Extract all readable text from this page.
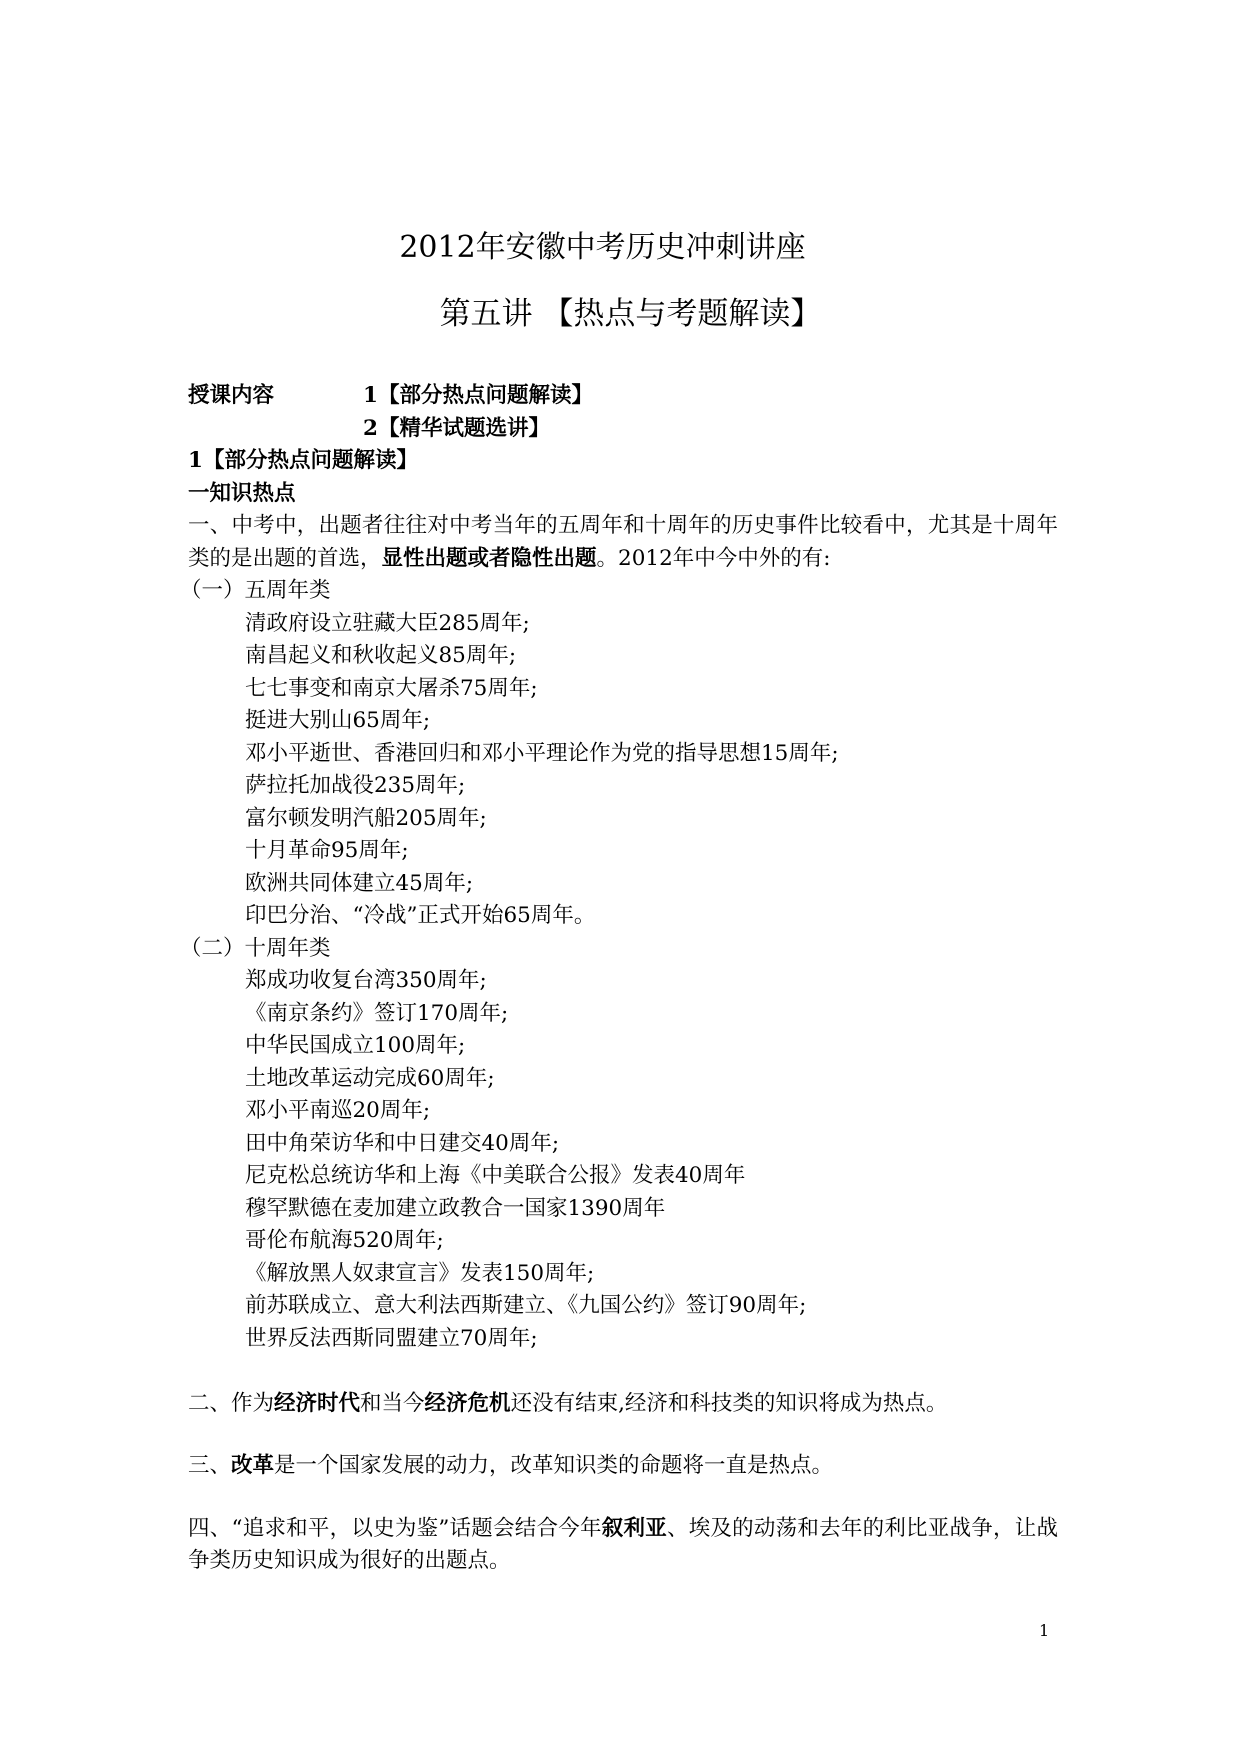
2012年安徽中考历史冲刺讲座
第五讲 【热点与考题解读】
授课内容	1【部分热点问题解读】
2【精华试题选讲】
1【部分热点问题解读】
一知识热点
一、中考中，出题者往往对中考当年的五周年和十周年的历史事件比较看中，尤其是十周年类的是出题的首选，显性出题或者隐性出题。2012年中今中外的有:
（一）五周年类
清政府设立驻藏大臣285周年;
南昌起义和秋收起义85周年;
七七事变和南京大屠杀75周年;
挺进大别山65周年;
邓小平逝世、香港回归和邓小平理论作为党的指导思想15周年;
萨拉托加战役235周年;
富尔顿发明汽船205周年;
十月革命95周年;
欧洲共同体建立45周年;
印巴分治、“冷战”正式开始65周年。
（二）十周年类
郑成功收复台湾350周年;
《南京条约》签订170周年;
中华民国成立100周年;
土地改革运动完成60周年;
邓小平南巡20周年;
田中角荣访华和中日建交40周年;
尼克松总统访华和上海《中美联合公报》发表40周年
穆罕默德在麦加建立政教合一国家1390周年
哥伦布航海520周年;
《解放黑人奴隶宣言》发表150周年;
前苏联成立、意大利法西斯建立、《九国公约》签订90周年;
世界反法西斯同盟建立70周年;
二、作为经济时代和当今经济危机还没有结束,经济和科技类的知识将成为热点。
三、改革是一个国家发展的动力，改革知识类的命题将一直是热点。
四、“追求和平，以史为鉴”话题会结合今年叙利亚、埃及的动荡和去年的利比亚战争，让战争类历史知识成为很好的出题点。
1
